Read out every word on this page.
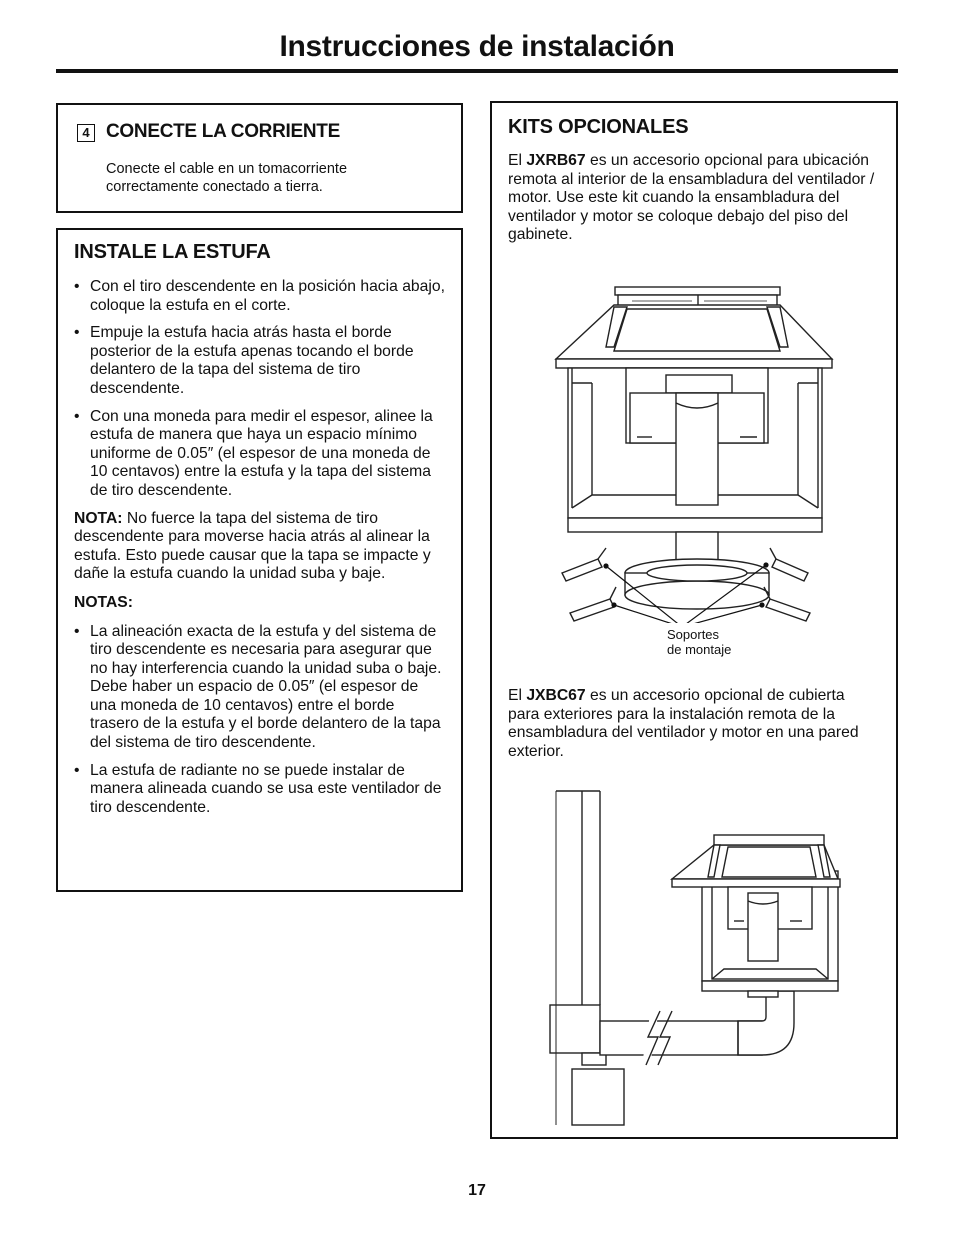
Instrucciones de instalación
4 CONECTE LA CORRIENTE
Conecte el cable en un tomacorriente correctamente conectado a tierra.
INSTALE LA ESTUFA
• Con el tiro descendente en la posición hacia abajo, coloque la estufa en el corte.
• Empuje la estufa hacia atrás hasta el borde posterior de la estufa apenas tocando el borde delantero de la tapa del sistema de tiro descendente.
• Con una moneda para medir el espesor, alinee la estufa de manera que haya un espacio mínimo uniforme de 0.05″ (el espesor de una moneda de 10 centavos) entre la estufa y la tapa del sistema de tiro descendente.

NOTA: No fuerce la tapa del sistema de tiro descendente para moverse hacia atrás al alinear la estufa. Esto puede causar que la tapa se impacte y dañe la estufa cuando la unidad suba y baje.

NOTAS:

• La alineación exacta de la estufa y del sistema de tiro descendente es necesaria para asegurar que no hay interferencia cuando la unidad suba o baje. Debe haber un espacio de 0.05″ (el espesor de una moneda de 10 centavos) entre el borde trasero de la estufa y el borde delantero de la tapa del sistema de tiro descendente.
• La estufa de radiante no se puede instalar de manera alineada cuando se usa este ventilador de tiro descendente.
KITS OPCIONALES
El JXRB67 es un accesorio opcional para ubicación remota al interior de la ensambladura del ventilador / motor. Use este kit cuando la ensambladura del ventilador y motor se coloque debajo del piso del gabinete.
Soportes
de montaje
El JXBC67 es un accesorio opcional de cubierta para exteriores para la instalación remota de la ensambladura del ventilador y motor en una pared exterior.
17
